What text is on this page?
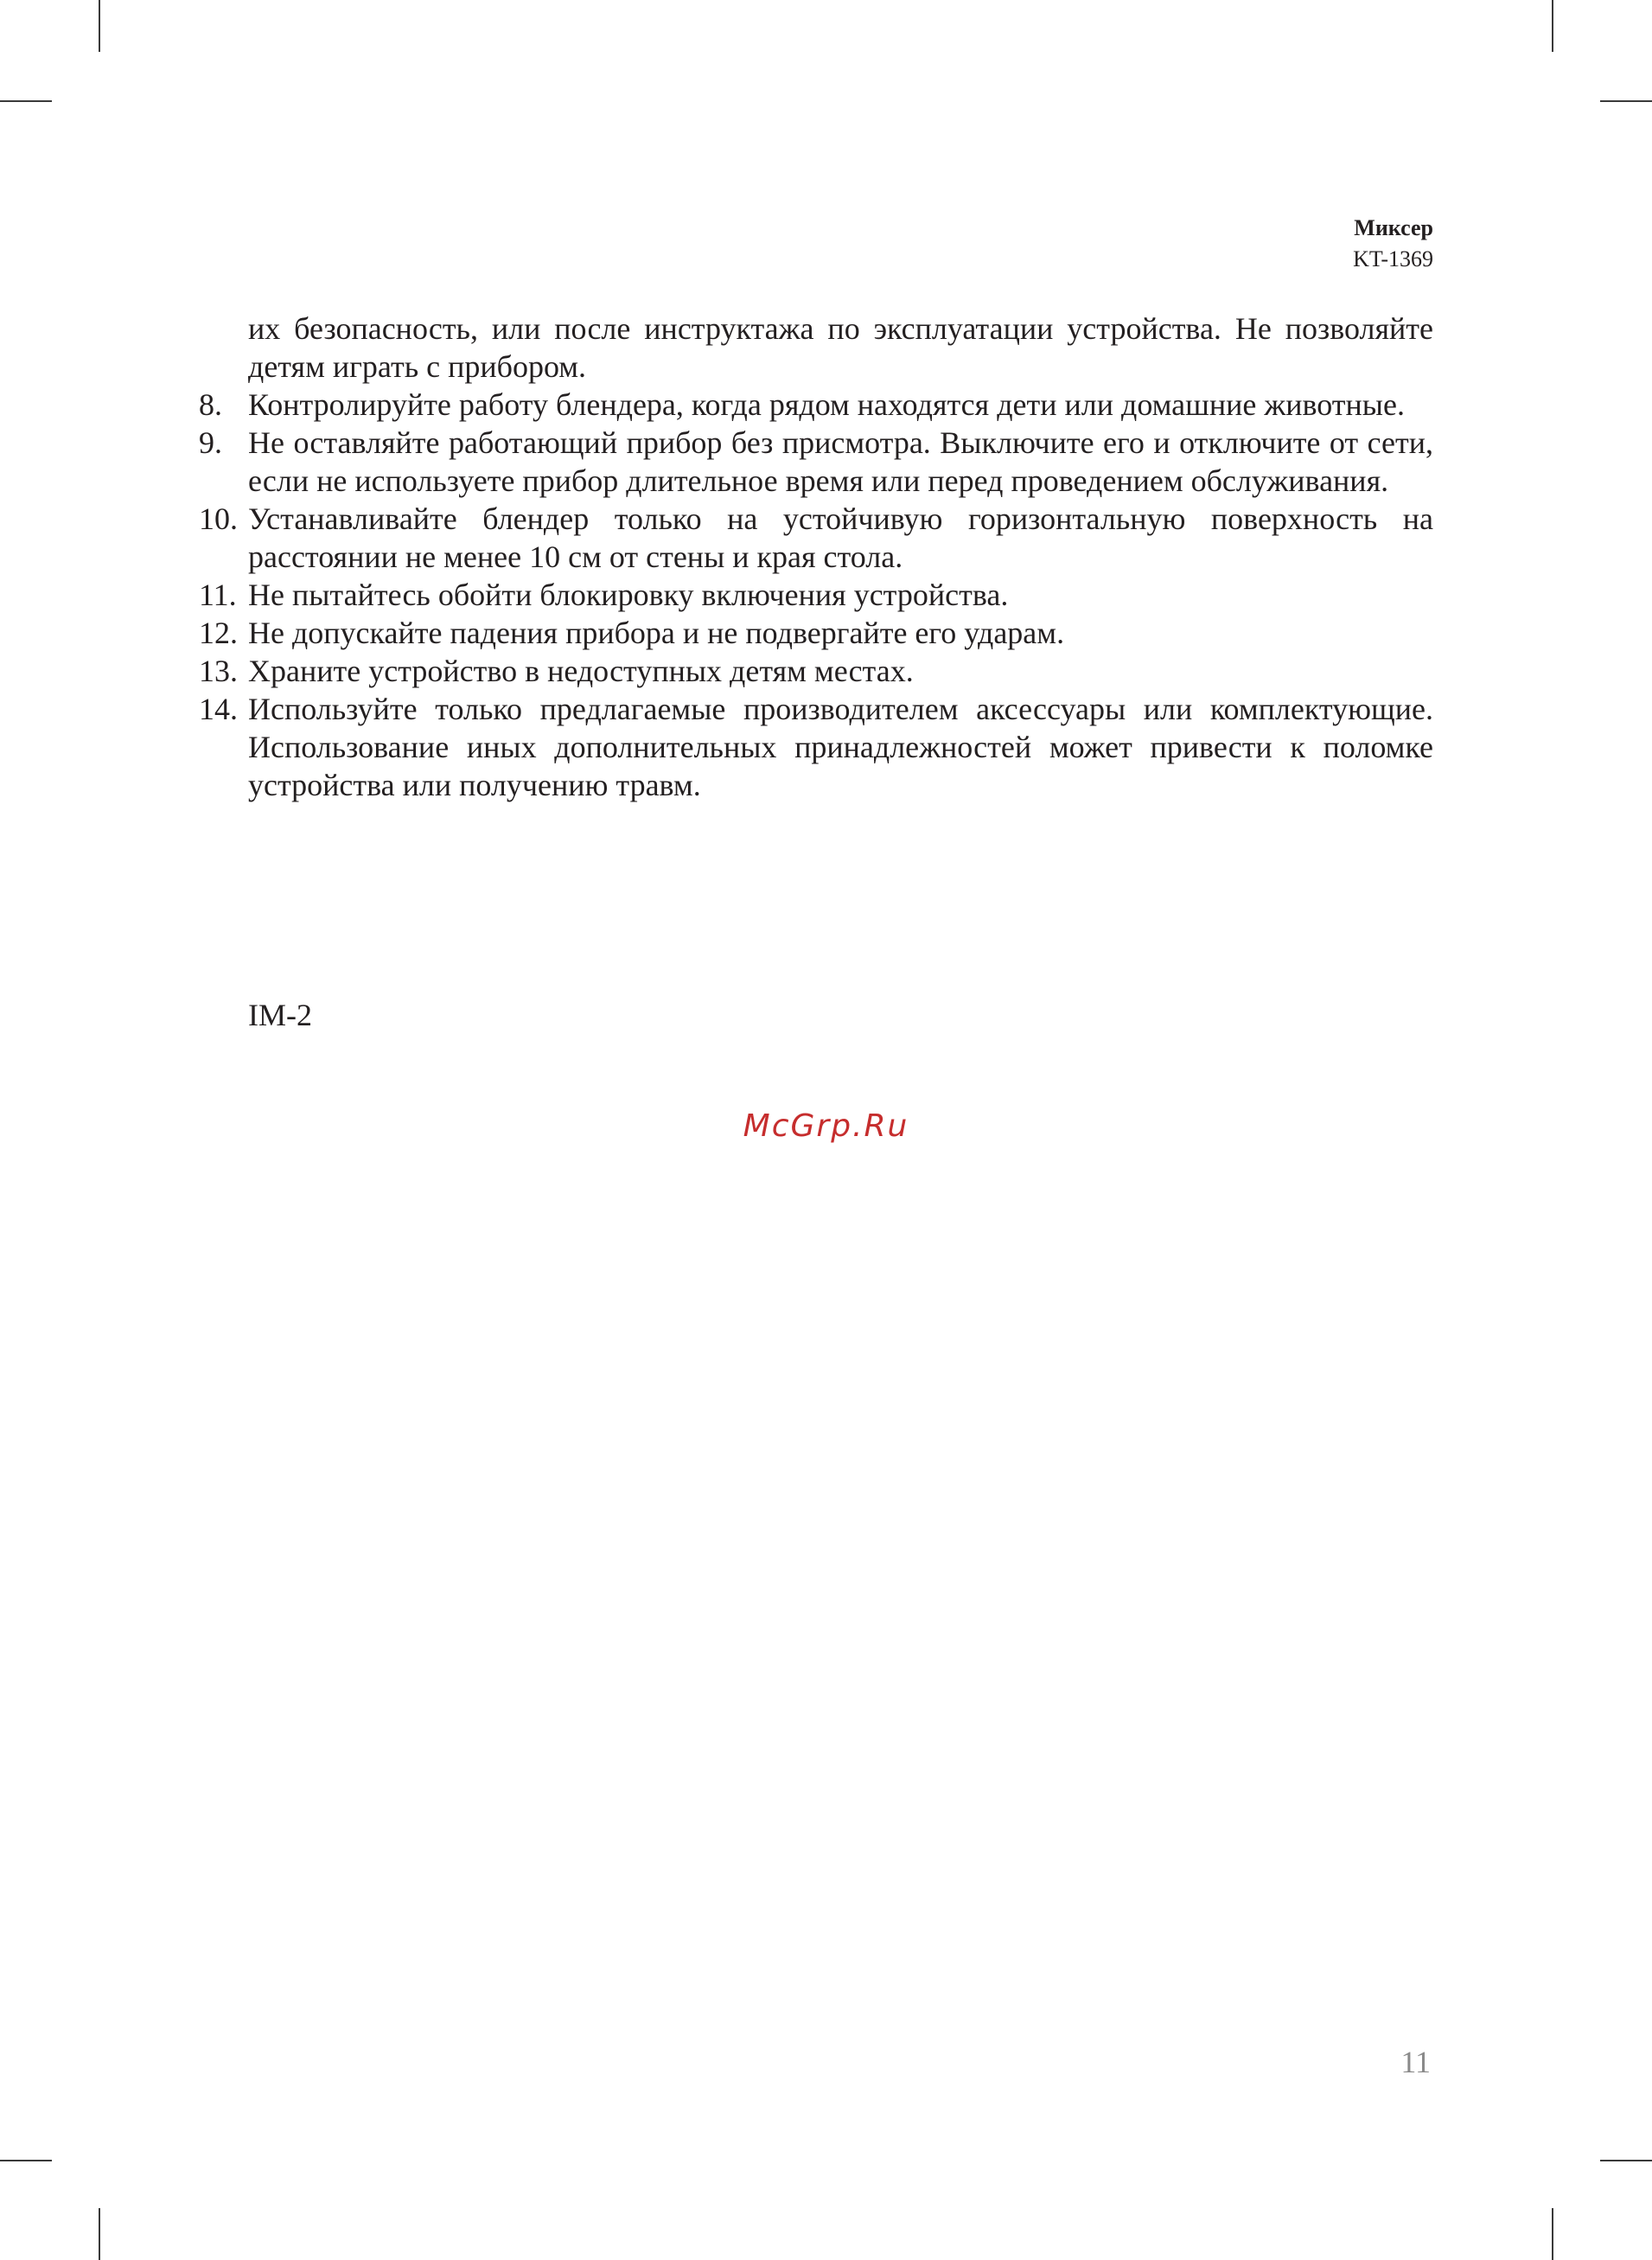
Миксер
KT-1369
их безопасность, или после инструктажа по эксплуатации устройства. Не позволяйте детям играть с прибором.
8. Контролируйте работу блендера, когда рядом находятся дети или домашние животные.
9. Не оставляйте работающий прибор без присмотра. Выключите его и отключите от сети, если не используете прибор длительное время или перед проведением обслуживания.
10. Устанавливайте блендер только на устойчивую горизонтальную поверхность на расстоянии не менее 10 см от стены и края стола.
11. Не пытайтесь обойти блокировку включения устройства.
12. Не допускайте падения прибора и не подвергайте его ударам.
13. Храните устройство в недоступных детям местах.
14. Используйте только предлагаемые производителем аксессуары или комплектующие. Использование иных дополнительных принадлежностей может привести к поломке устройства или получению травм.
IM-2
McGrp.Ru
11
